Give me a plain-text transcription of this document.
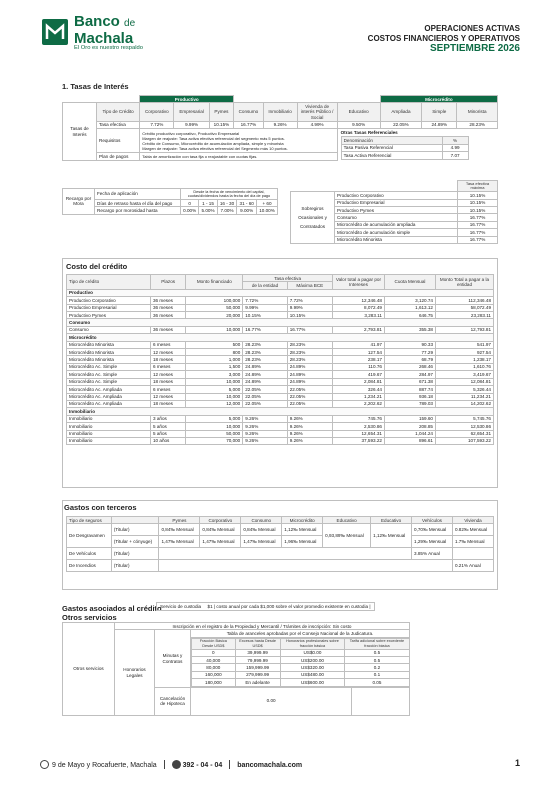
Banco de
Machala
El Oro es nuestro respaldo
OPERACIONES ACTIVAS
COSTOS FINANCIEROS Y OPERATIVOS
SEPTIEMBRE 2026
1. Tasas de Interés
		Productivo		Microcrédito
Tasas de Interés	Tipo de Crédito	Corporativo	Empresarial	Pymes	Consumo	Inmobiliario	Vivienda de interés Público / Social	Educativo	Ampliada	Simple	Minorista
Tasa efectiva	7.72%	9.99%	10.15%	16.77%	9.26%	4.99%	9.50%	22.05%	24.89%	28.23%
Requisitos	
Crédito productivo corporativo, Productivo Empresarial
Margen de reajuste: Tasa activa efectiva referencial del segmento más 5 puntos.
Crédito de Consumo, Microcrédito de acumulación ampliada, simple y minorista
Margen de reajuste: Tasa activa efectiva referencial del Segmento más 10 puntos.

Otras Tasas Referenciales
Denominación	%
Tasa Pasiva Referencial	4.99
Tasa Activa Referencial	7.07

Plan de pagos	Tabla de amortización con tasa fija o reajustable con cuotas fijas.
Recargo por Mora	Fecha de aplicación	Desde la fecha de vencimiento del capital, cuotas/dividendos hasta la fecha del día de pago				
	Días de retraso hasta el día del pago	0	1 - 15	16 - 30	31 - 60	+ 60
	Recargo por morosidad hasta	0.00%	5.00%	7.00%	9.00%	10.00%
		Tasa efectiva máxima
Sobregiros Ocasionales y Contratados	Productivo Corporativo	10.15%
	Productivo Empresarial	10.15%
	Productivo Pymes	10.15%
	Consumo	16.77%
	Microcrédito de acumulación ampliada	16.77%
	Microcrédito de acumulación simple	16.77%
	Microcrédito Minorista	16.77%
Costo del crédito
Tipo de crédito	Plazos	Monto financiado	Tasa efectiva		Valor total a pagar por Intereses	Cuota Mensual	Monto Total a pagar a la entidad
			de la entidad	Máxima BCE			
Productivo							
Productivo Corporativo	36 meses	100,000	7.72%	7.72%	12,346.48	3,120.74	112,346.48
Productivo Empresarial	36 meses	50,000	9.99%	9.99%	8,072.49	1,613.12	58,072.49
Productivo Pymes	36 meses	20,000	10.15%	10.15%	3,283.11	646.75	23,283.11
Consumo							
Consumo	36 meses	10,000	16.77%	16.77%	2,793.81	355.38	12,793.81
Microcrédito							
Microcrédito Minorista	6 meses	500	28.23%	28.23%	41.97	90.33	541.97
Microcrédito Minorista	12 meses	800	28.23%	28.23%	127.54	77.29	927.54
Microcrédito Minorista	18 meses	1,000	28.23%	28.23%	238.17	68.79	1,238.17
Microcrédito Ac. Simple	6 meses	1,500	24.89%	24.89%	110.76	268.46	1,610.76
Microcrédito Ac. Simple	12 meses	3,000	24.89%	24.89%	419.67	284.97	3,419.67
Microcrédito Ac. Simple	18 meses	10,000	24.89%	24.89%	2,084.81	671.38	12,084.81
Microcrédito Ac. Ampliada	6 meses	5,000	22.05%	22.05%	326.44	887.74	5,326.44
Microcrédito Ac. Ampliada	12 meses	10,000	22.05%	22.05%	1,234.21	936.18	11,234.21
Microcrédito Ac. Ampliada	18 meses	12,000	22.05%	22.05%	2,202.62	789.03	14,202.62
Inmobiliario							
Inmobiliario	3 años	5,000	9.26%	9.26%	745.76	159.60	5,745.76
Inmobiliario	5 años	10,000	9.26%	9.26%	2,530.86	208.85	12,530.86
Inmobiliario	5 años	50,000	9.26%	9.26%	12,654.31	1,044.24	62,654.31
Inmobiliario	10 años	70,000	9.26%	9.26%	37,593.22	896.61	107,593.22
Gastos con terceros
Tipo de seguros		Pymes	Corporativo	Consumo	Microcrédito	Educativo	Educativo	Vehículos	Vivienda
De Desgravamen	(Titular)	0,84‰ Mensual	0,84‰ Mensual	0,84‰ Mensual	1,12‰ Mensual	0,93,89‰ Mensual	1,12‰ Mensual	0,70‰ Mensual	0.82‰ Mensual
	(Titular + cónyuge)	1,47‰ Mensual	1,47‰ Mensual	1,47‰ Mensual	1,96‰ Mensual			1,29‰ Mensual	1.7‰ Mensual
De Vehículos	(Titular)							3.85% Anual	
De Incendios	(Titular)								0.21% Anual
Gastos asociados al crédito
Servicio de custodia $1 | costo anual por cada $1,000 sobre el valor promedio existente en custodia |
Otros servicios
Otros servicios	Inscripción en el registro de la Propiedad y Mercantil / Trámites de inscripción: Sin costo
Honorarios Legales	Minutas y Contratos	Tabla de aranceles aprobadas por el Consejo Nacional de la Judicatura.

Fracción Básica Desde USD$	Excesos hasta Desde USD$	Honorarios profesionales sobre fracción básica	Tarifa adicional sobre excedente fracción básica
0	39,999.99	US$0.00	0.5
40,000	79,999.99	US$200.00	0.5
80,000	159,999.99	US$320.00	0.2
160,000	279,999.99	US$480.00	0.1
180,000	En adelante	US$600.00	0.05

Cancelación de Hipoteca	0.00	
9 de Mayo y Rocafuerte, Machala	392 - 04 - 04 bancomachala.com	1
